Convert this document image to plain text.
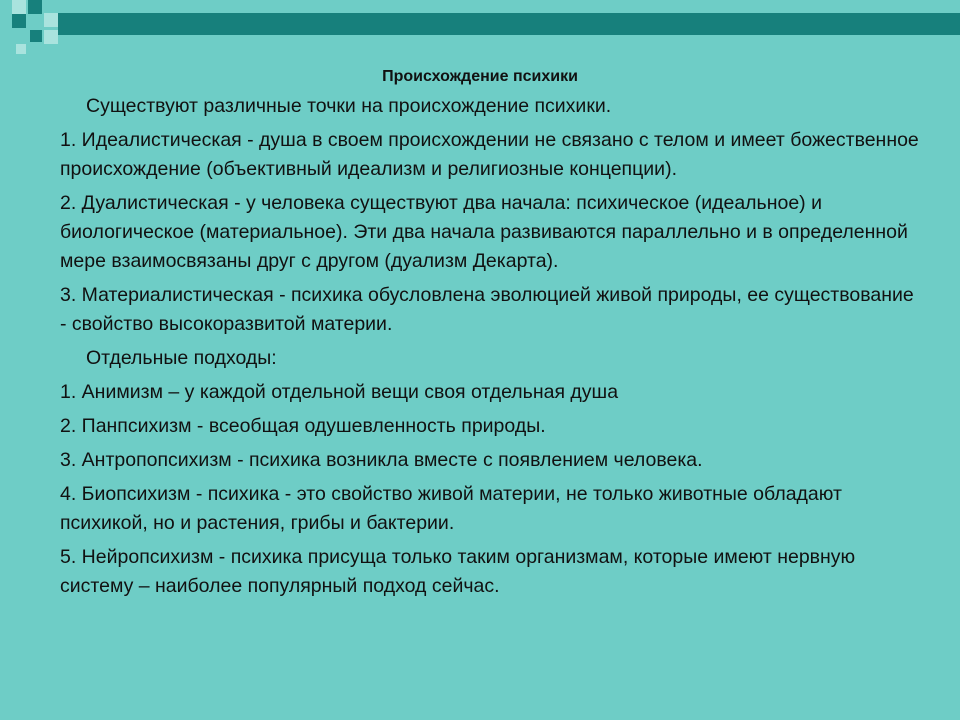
Происхождение психики

Существуют различные точки на происхождение психики.

1. Идеалистическая - душа в своем происхождении не связано с телом и имеет божественное происхождение (объективный идеализм и религиозные концепции).

2. Дуалистическая - у человека существуют два начала: психическое (идеальное) и биологическое (материальное). Эти два начала развиваются параллельно и в определенной мере взаимосвязаны друг с другом (дуализм Декарта).

3. Материалистическая - психика обусловлена эволюцией живой природы, ее существование - свойство высокоразвитой материи.

Отдельные подходы:

1. Анимизм – у каждой отдельной вещи своя отдельная душа

2. Панпсихизм - всеобщая одушевленность природы.

3. Антропопсихизм - психика возникла вместе с появлением человека.

4. Биопсихизм - психика - это свойство живой материи, не только животные обладают психикой, но и растения, грибы и бактерии.

5. Нейропсихизм - психика присуща только таким организмам, которые имеют нервную систему – наиболее популярный подход сейчас.
